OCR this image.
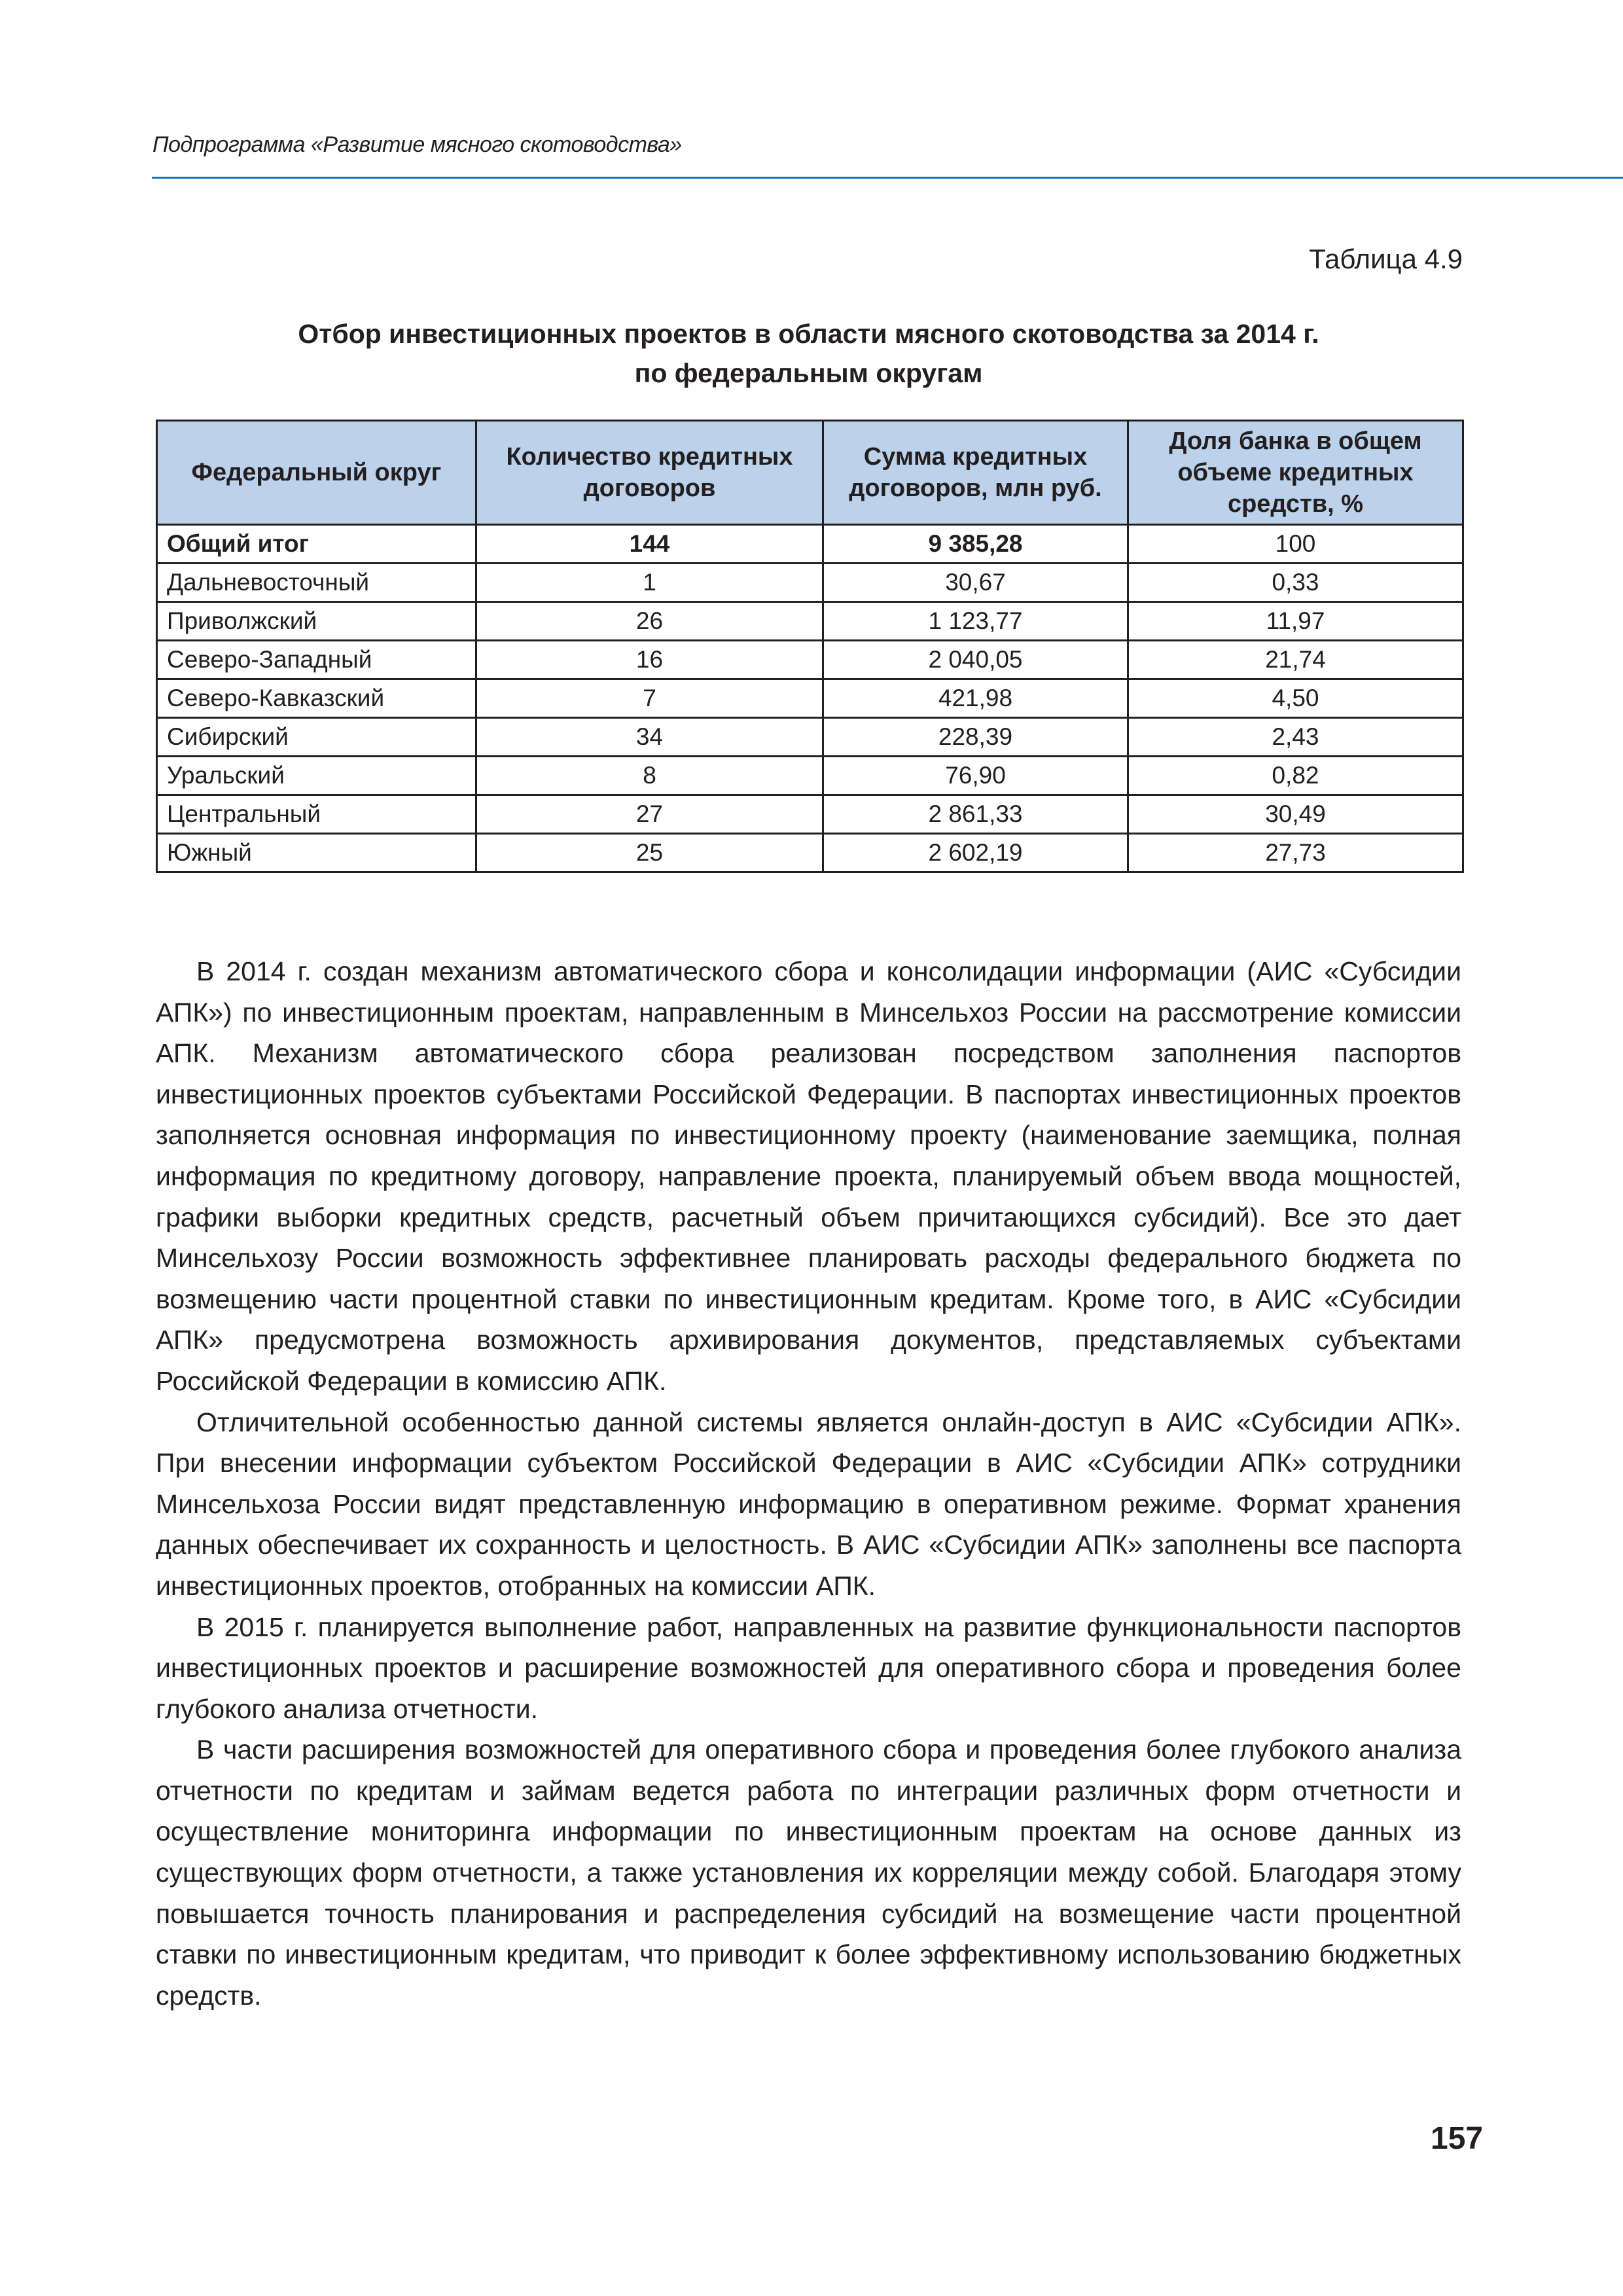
Подпрограмма «Развитие мясного скотоводства»
Таблица 4.9
Отбор инвестиционных проектов в области мясного скотоводства за 2014 г.
по федеральным округам
Федеральный округ	Количество кредитных договоров	Сумма кредитных договоров, млн руб.	Доля банка в общем объеме кредитных средств, %
Общий итог	144	9 385,28	100
Дальневосточный	1	30,67	0,33
Приволжский	26	1 123,77	11,97
Северо-Западный	16	2 040,05	21,74
Северо-Кавказский	7	421,98	4,50
Сибирский	34	228,39	2,43
Уральский	8	76,90	0,82
Центральный	27	2 861,33	30,49
Южный	25	2 602,19	27,73

В 2014 г. создан механизм автоматического сбора и консолидации информации (АИС «Субсидии АПК») по инвестиционным проектам, направленным в Минсельхоз России на рассмотрение комиссии АПК. Механизм автоматического сбора реализован посредством заполнения паспортов инвестиционных проектов субъектами Российской Федерации. В паспортах инвестиционных проектов заполняется основная информация по инвестиционному проекту (наименование заемщика, полная информация по кредитному договору, направление проекта, планируемый объем ввода мощностей, графики выборки кредитных средств, расчетный объем причитающихся субсидий). Все это дает Минсельхозу России возможность эффективнее планировать расходы федерального бюджета по возмещению части процентной ставки по инвестиционным кредитам. Кроме того, в АИС «Субсидии АПК» предусмотрена возможность архивирования документов, представляемых субъектами Российской Федерации в комиссию АПК.

Отличительной особенностью данной системы является онлайн-доступ в АИС «Субсидии АПК». При внесении информации субъектом Российской Федерации в АИС «Субсидии АПК» сотрудники Минсельхоза России видят представленную информацию в оперативном режиме. Формат хранения данных обеспечивает их сохранность и целостность. В АИС «Субсидии АПК» заполнены все паспорта инвестиционных проектов, отобранных на комиссии АПК.

В 2015 г. планируется выполнение работ, направленных на развитие функциональности паспортов инвестиционных проектов и расширение возможностей для оперативного сбора и проведения более глубокого анализа отчетности.

В части расширения возможностей для оперативного сбора и проведения более глубокого анализа отчетности по кредитам и займам ведется работа по интеграции различных форм отчетности и осуществление мониторинга информации по инвестиционным проектам на основе данных из существующих форм отчетности, а также установления их корреляции между собой. Благодаря этому повышается точность планирования и распределения субсидий на возмещение части процентной ставки по инвестиционным кредитам, что приводит к более эффективному использованию бюджетных средств.

157
